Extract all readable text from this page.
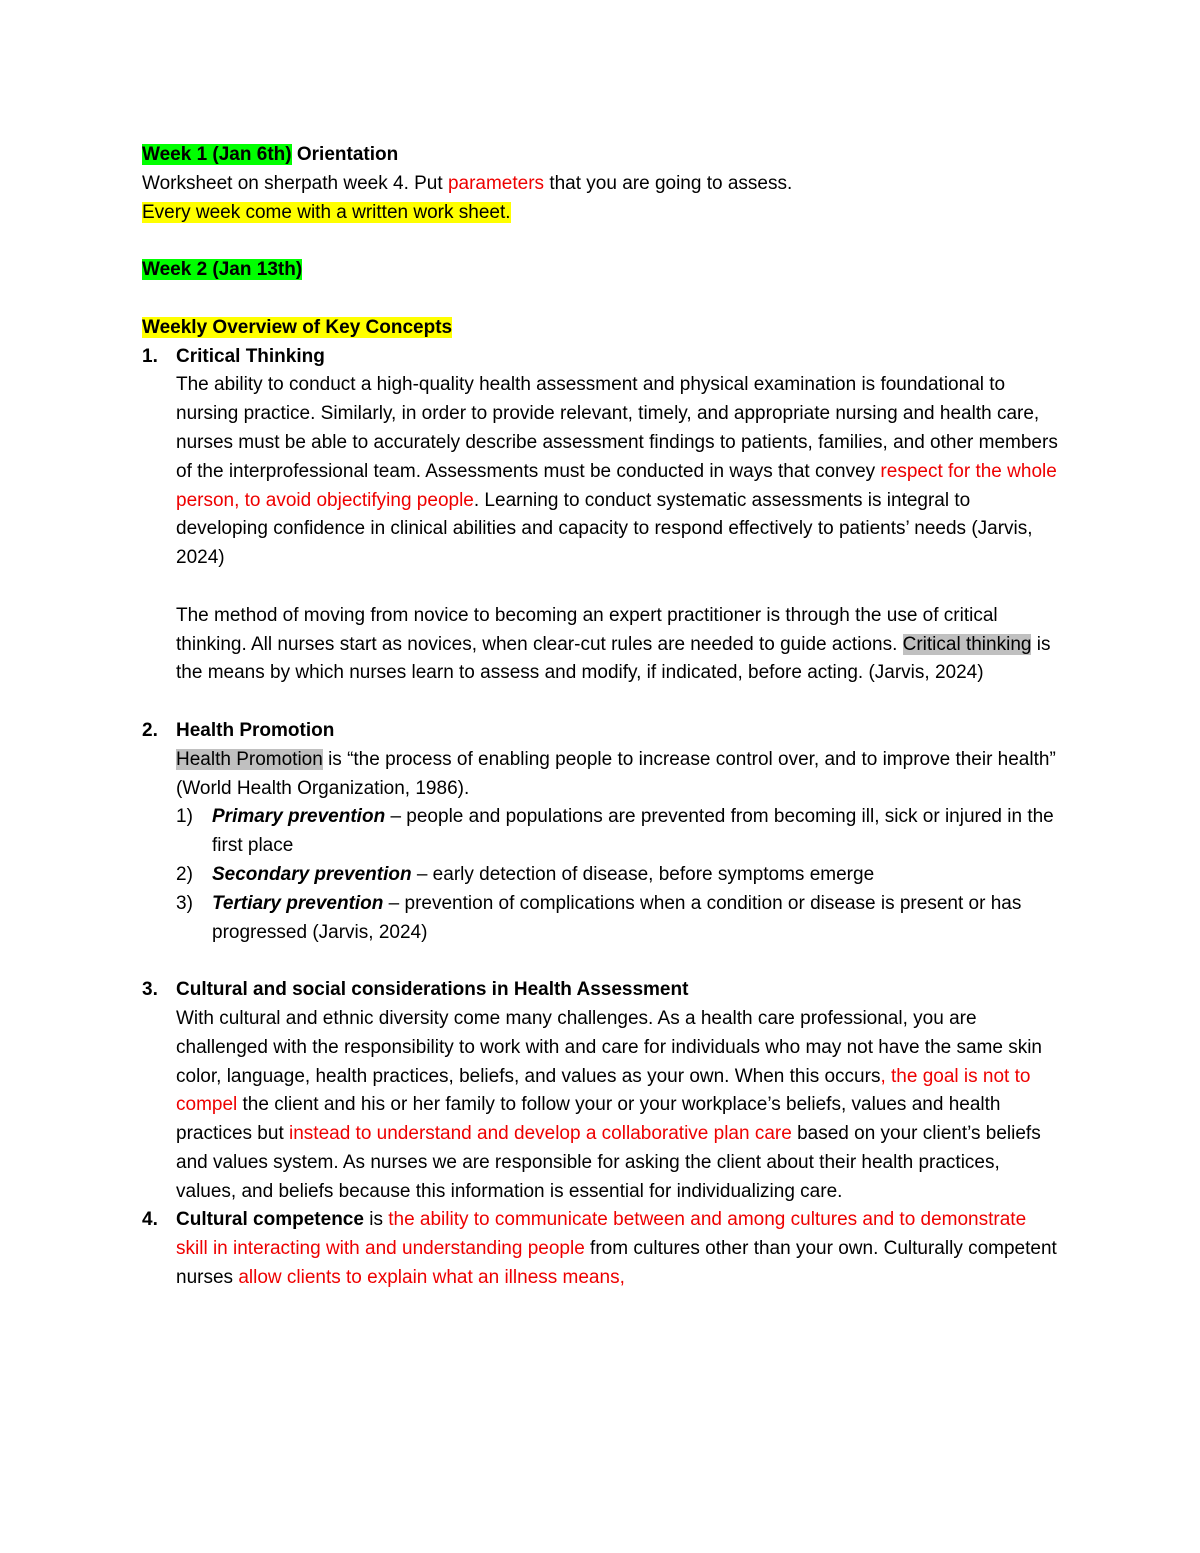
Week 1 (Jan 6th) Orientation

Worksheet on sherpath week 4. Put parameters that you are going to assess.

Every week come with a written work sheet.

Week 2 (Jan 13th)

Weekly Overview of Key Concepts

1. Critical Thinking

The ability to conduct a high-quality health assessment and physical examination is foundational to nursing practice. Similarly, in order to provide relevant, timely, and appropriate nursing and health care, nurses must be able to accurately describe assessment findings to patients, families, and other members of the interprofessional team. Assessments must be conducted in ways that convey respect for the whole person, to avoid objectifying people. Learning to conduct systematic assessments is integral to developing confidence in clinical abilities and capacity to respond effectively to patients’ needs (Jarvis, 2024)

The method of moving from novice to becoming an expert practitioner is through the use of critical thinking. All nurses start as novices, when clear-cut rules are needed to guide actions. Critical thinking is the means by which nurses learn to assess and modify, if indicated, before acting. (Jarvis, 2024)

2. Health Promotion

Health Promotion is “the process of enabling people to increase control over, and to improve their health” (World Health Organization, 1986).

1) Primary prevention – people and populations are prevented from becoming ill, sick or injured in the first place
2) Secondary prevention – early detection of disease, before symptoms emerge
3) Tertiary prevention – prevention of complications when a condition or disease is present or has progressed (Jarvis, 2024)
3. Cultural and social considerations in Health Assessment

With cultural and ethnic diversity come many challenges. As a health care professional, you are challenged with the responsibility to work with and care for individuals who may not have the same skin color, language, health practices, beliefs, and values as your own. When this occurs, the goal is not to compel the client and his or her family to follow your or your workplace’s beliefs, values and health practices but instead to understand and develop a collaborative plan care based on your client’s beliefs and values system. As nurses we are responsible for asking the client about their health practices, values, and beliefs because this information is essential for individualizing care.

4. Cultural competence is the ability to communicate between and among cultures and to demonstrate skill in interacting with and understanding people from cultures other than your own. Culturally competent nurses allow clients to explain what an illness means,
